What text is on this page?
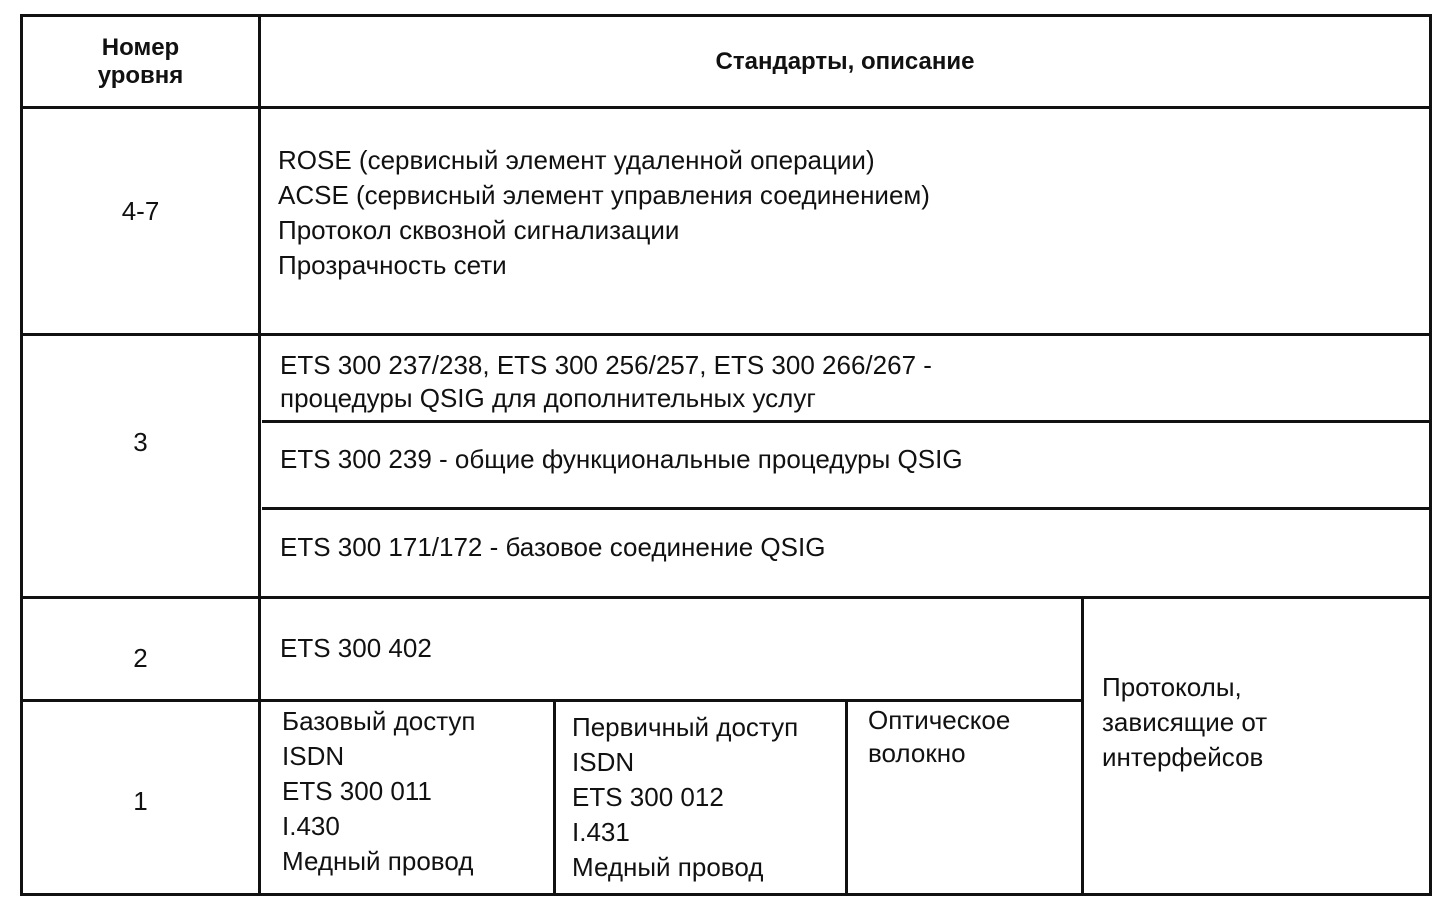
Номер
уровня
Стандарты, описание
4-7
ROSE (сервисный элемент удаленной операции)
ACSE (сервисный элемент управления соединением)
Протокол сквозной сигнализации
Прозрачность сети
3
ETS 300 237/238, ETS 300 256/257, ETS 300 266/267 -
процедуры QSIG для дополнительных услуг
ETS 300 239 - общие функциональные процедуры QSIG
ETS 300 171/172 - базовое соединение QSIG
2	ETS 300 402
1
Базовый доступ
ISDN
ETS 300 011
I.430
Медный провод
Первичный доступ
ISDN
ETS 300 012
I.431
Медный провод
Оптическое
волокно
Протоколы,
зависящие от
интерфейсов
